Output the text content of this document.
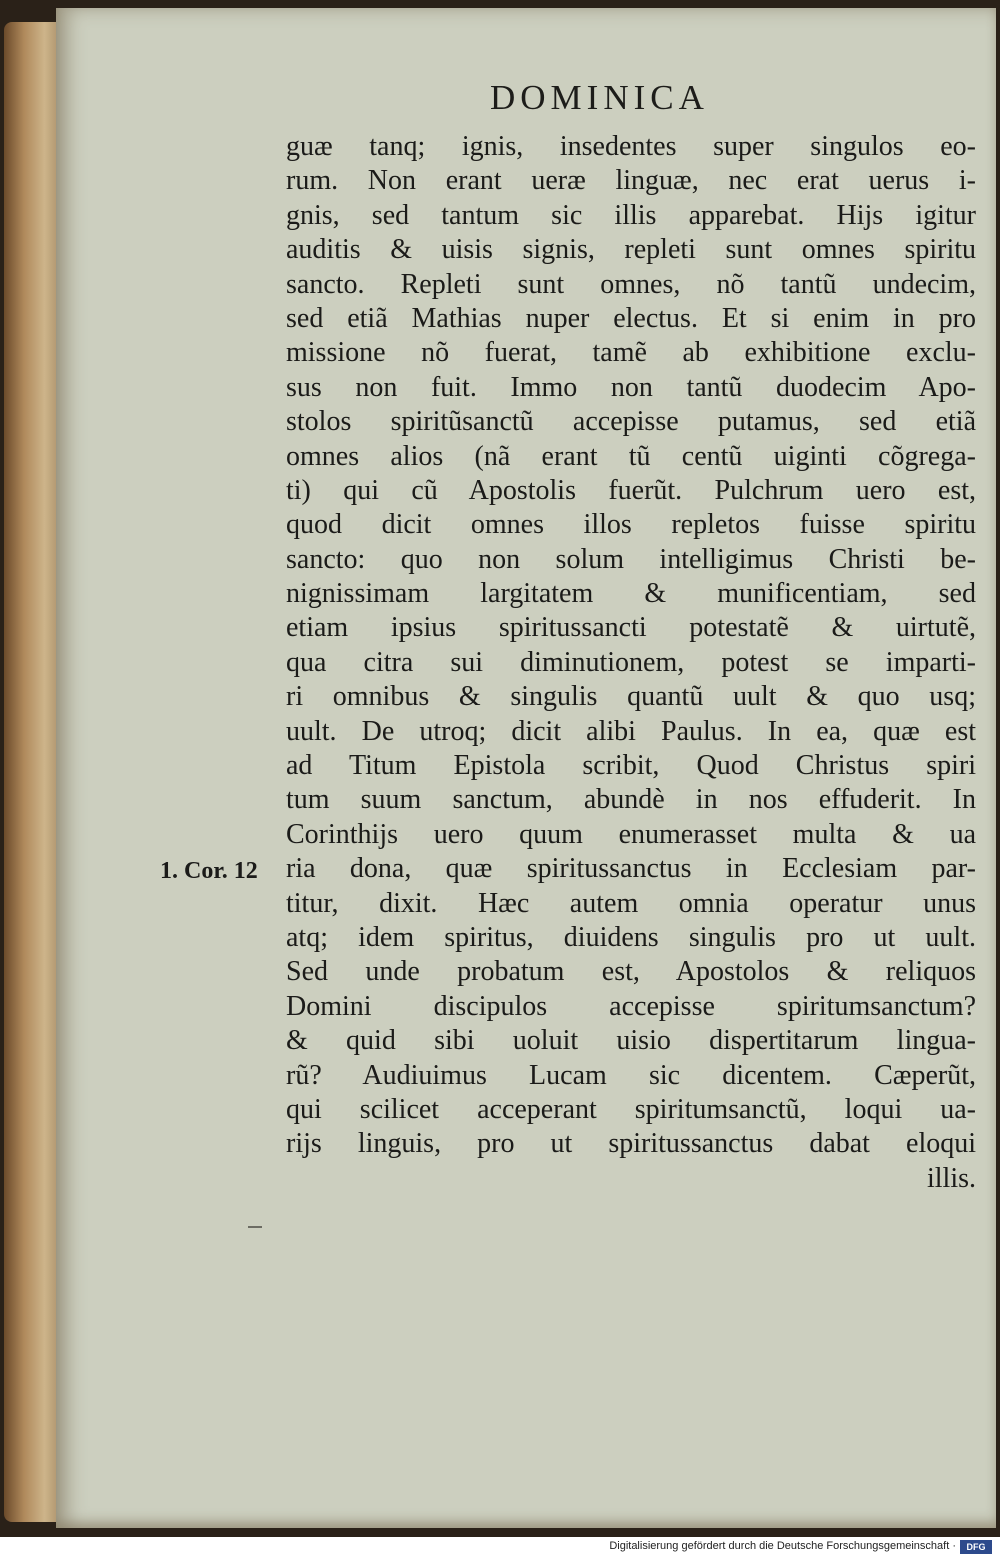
DOMINICA
1. Cor. 12
guæ tanq; ignis, insedentes super singulos eo-
rum. Non erant ueræ linguæ, nec erat uerus i-
gnis, sed tantum sic illis apparebat. Hijs igitur
auditis & uisis signis, repleti sunt omnes spiritu
sancto. Repleti sunt omnes, nõ tantũ undecim,
sed etiã Mathias nuper electus. Et si enim in pro
missione nõ fuerat, tamẽ ab exhibitione exclu-
sus non fuit. Immo non tantũ duodecim Apo-
stolos spiritũsanctũ accepisse putamus, sed etiã
omnes alios (nã erant tũ centũ uiginti cõgrega-
ti) qui cũ Apostolis fuerũt. Pulchrum uero est,
quod dicit omnes illos repletos fuisse spiritu
sancto: quo non solum intelligimus Christi be-
nignissimam largitatem & munificentiam, sed
etiam ipsius spiritussancti potestatẽ & uirtutẽ,
qua citra sui diminutionem, potest se imparti-
ri omnibus & singulis quantũ uult & quo usq;
uult. De utroq; dicit alibi Paulus. In ea, quæ est
ad Titum Epistola scribit, Quod Christus spiri
tum suum sanctum, abundè in nos effuderit. In
Corinthijs uero quum enumerasset multa & ua
ria dona, quæ spiritussanctus in Ecclesiam par-
titur, dixit. Hæc autem omnia operatur unus
atq; idem spiritus, diuidens singulis pro ut uult.
Sed unde probatum est, Apostolos & reliquos
Domini discipulos accepisse spiritumsanctum?
& quid sibi uoluit uisio dispertitarum lingua-
rũ? Audiuimus Lucam sic dicentem. Cæperũt,
qui scilicet acceperant spiritumsanctũ, loqui ua-
rijs linguis, pro ut spiritussanctus dabat eloqui
illis.
Digitalisierung gefördert durch die Deutsche Forschungsgemeinschaft ·	DFG
